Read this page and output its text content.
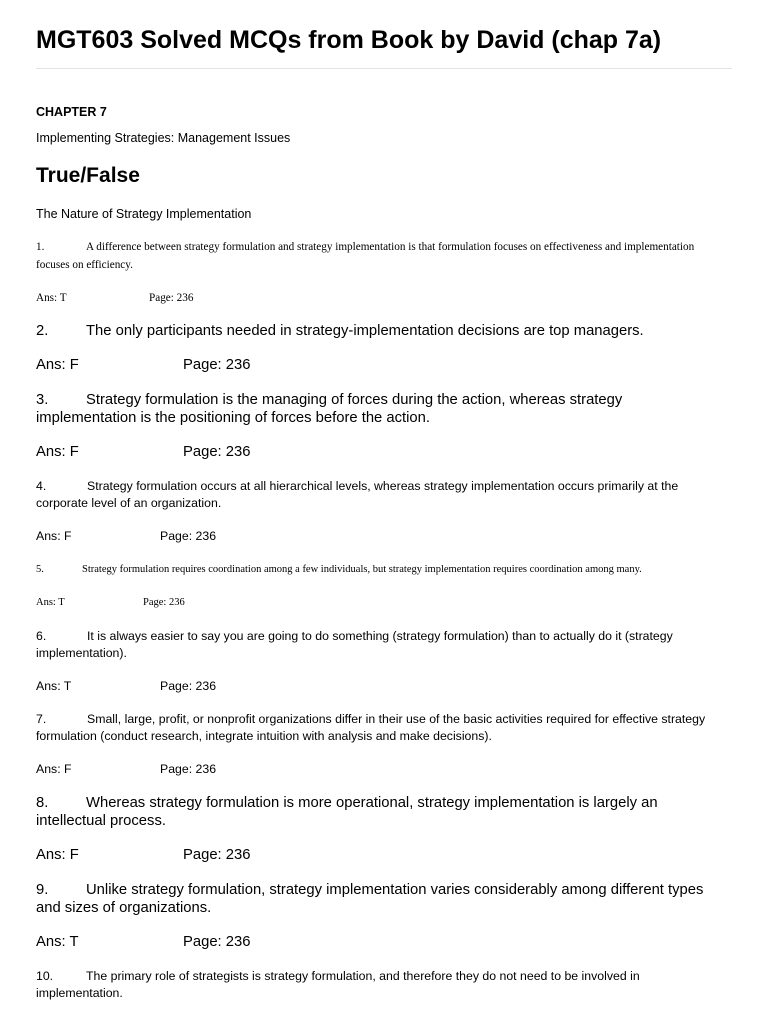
MGT603 Solved MCQs from Book by David (chap 7a)
CHAPTER 7
Implementing Strategies: Management Issues
True/False
The Nature of Strategy Implementation

1.	A difference between strategy formulation and strategy implementation is that formulation focuses on effectiveness and implementation focuses on efficiency.

Ans: T	Page: 236

2.	The only participants needed in strategy-implementation decisions are top managers.

Ans: F	Page: 236

3.	Strategy formulation is the managing of forces during the action, whereas strategy implementation is the positioning of forces before the action.

Ans: F	Page: 236

4.	Strategy formulation occurs at all hierarchical levels, whereas strategy implementation occurs primarily at the corporate level of an organization.

Ans: F	Page: 236

5.	Strategy formulation requires coordination among a few individuals, but strategy implementation requires coordination among many.

Ans: T	Page: 236

6.	It is always easier to say you are going to do something (strategy formulation) than to actually do it (strategy implementation).

Ans: T	Page: 236

7.	Small, large, profit, or nonprofit organizations differ in their use of the basic activities required for effective strategy formulation (conduct research, integrate intuition with analysis and make decisions).

Ans: F	Page: 236

8.	Whereas strategy formulation is more operational, strategy implementation is largely an intellectual process.

Ans: F	Page: 236

9.	Unlike strategy formulation, strategy implementation varies considerably among different types and sizes of organizations.

Ans: T	Page: 236

10.	The primary role of strategists is strategy formulation, and therefore they do not need to be involved in implementation.
